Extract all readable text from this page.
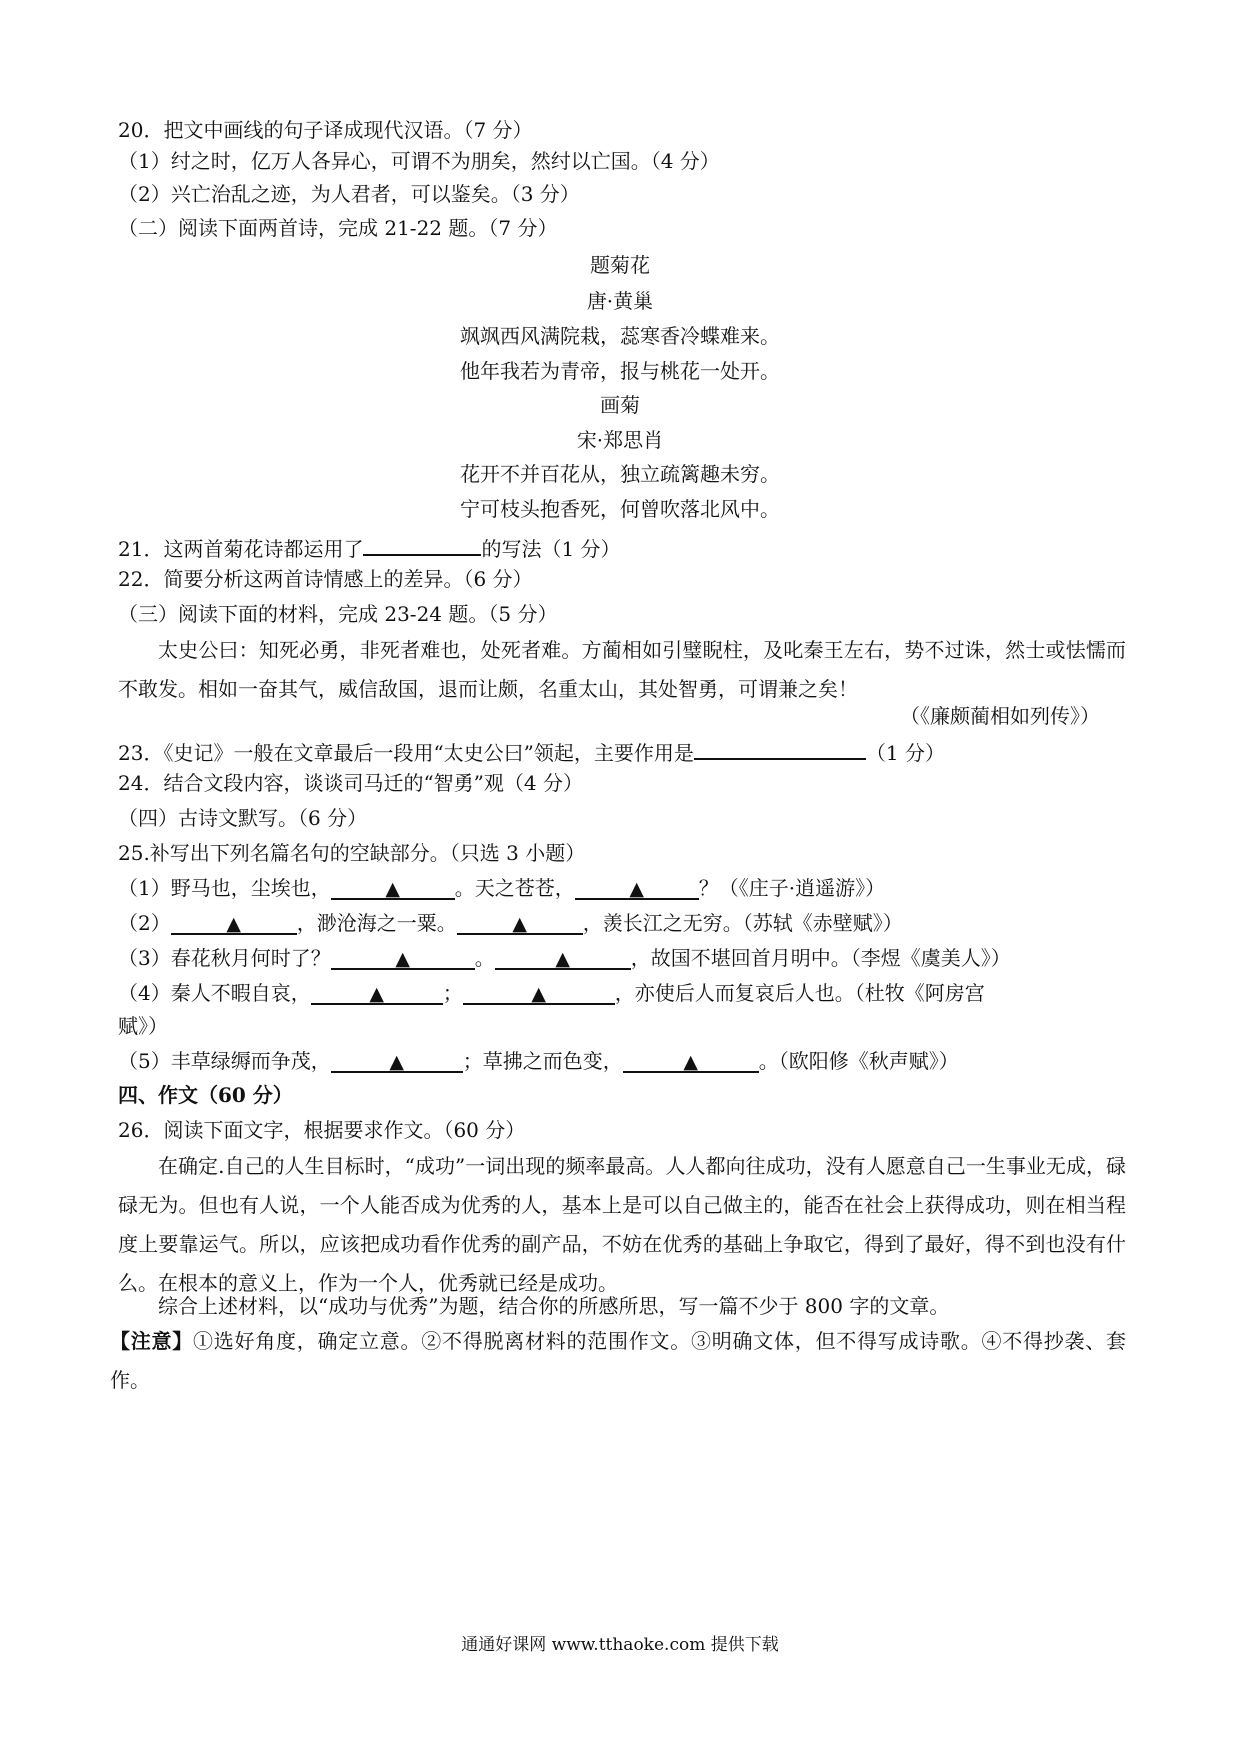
20．把文中画线的句子译成现代汉语。（7 分）
（1）纣之时，亿万人各异心，可谓不为朋矣，然纣以亡国。（4 分）
（2）兴亡治乱之迹，为人君者，可以鉴矣。（3 分）
（二）阅读下面两首诗，完成 21-22 题。（7 分）
题菊花
唐·黄巢
飒飒西风满院栽，蕊寒香冷蝶难来。
他年我若为青帝，报与桃花一处开。
画菊
宋·郑思肖
花开不并百花从，独立疏篱趣未穷。
宁可枝头抱香死，何曾吹落北风中。
21．这两首菊花诗都运用了	的写法（1 分）
22．简要分析这两首诗情感上的差异。（6 分）
（三）阅读下面的材料，完成 23-24 题。（5 分）
太史公曰：知死必勇，非死者难也，处死者难。方蔺相如引璧睨柱，及叱秦王左右，势不过诛，然士或怯懦而不敢发。相如一奋其气，威信敌国，退而让颇，名重太山，其处智勇，可谓兼之矣！
（《廉颇蔺相如列传》）
23．《史记》一般在文章最后一段用“太史公曰”领起，主要作用是	（1 分）
24．结合文段内容，谈谈司马迁的“智勇”观（4 分）
（四）古诗文默写。（6 分）
25.补写出下列名篇名句的空缺部分。（只选 3 小题）
（1）野马也，尘埃也，	▲	。天之苍苍，	▲	？（《庄子·逍遥游》）
（2）	▲	，渺沧海之一粟。	▲	，羡长江之无穷。（苏轼《赤壁赋》）
（3）春花秋月何时了？	▲	。	▲	，故国不堪回首月明中。（李煜《虞美人》）
（4）秦人不暇自哀，	▲	；	▲	，亦使后人而复哀后人也。（杜牧《阿房宫
赋》）
（5）丰草绿缛而争茂，	▲	；草拂之而色变，	▲	。（欧阳修《秋声赋》）
四、作文（60 分）
26．阅读下面文字，根据要求作文。（60 分）
在确定.自己的人生目标时，“成功”一词出现的频率最高。人人都向往成功，没有人愿意自己一生事业无成，碌碌无为。但也有人说，一个人能否成为优秀的人，基本上是可以自己做主的，能否在社会上获得成功，则在相当程度上要靠运气。所以，应该把成功看作优秀的副产品，不妨在优秀的基础上争取它，得到了最好，得不到也没有什么。在根本的意义上，作为一个人，优秀就已经是成功。
综合上述材料，以“成功与优秀”为题，结合你的所感所思，写一篇不少于 800 字的文章。
【注意】①选好角度，确定立意。②不得脱离材料的范围作文。③明确文体，但不得写成诗歌。④不得抄袭、套作。
通通好课网 www.tthaoke.com 提供下载
